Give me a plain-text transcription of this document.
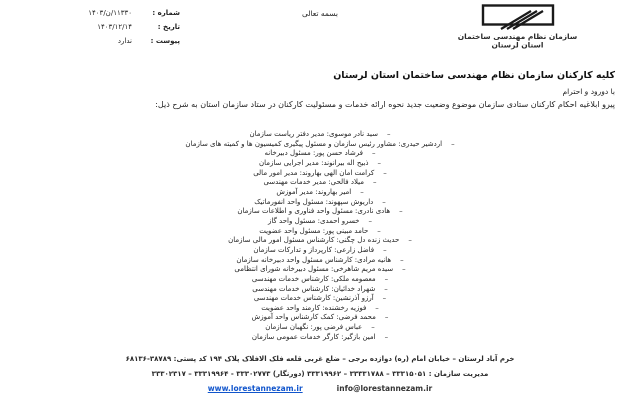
شماره :
۱۱۳۳۰/ن/۱۴۰۳
تاریخ :
۱۴۰۳/۱۲/۱۴
پیوست :
ندارد
بسمه تعالی
سازمان نظام مهندسی ساختمان استان لرستان
کلیه کارکنان سازمان نظام مهندسی ساختمان استان لرستان
با دورود و احترام
پیرو ابلاغیه احکام کارکنان ستادی سازمان موضوع وضعیت جدید نحوه ارائه خدمات و مسئولیت کارکنان در ستاد سازمان استان به شرح ذیل:
–
سید نادر موسوی: مدیر دفتر ریاست سازمان
–
اردشیر حیدری: مشاور رئیس سازمان و مسئول پیگیری کمیسیون ها و کمیته های سازمان
–
فرشاد حسن پور: مسئول دبیرخانه
–
ذبیح اله بیرانوند: مدیر اجرایی سازمان
–
کرامت امان الهی بهاروند: مدیر امور مالی
–
میلاد فالحی: مدیر خدمات مهندسی
–
امیر بهاروند: مدیر آموزش
–
داریوش سپهوند: مسئول واحد انفورماتیک
–
هادی نادری: مسئول واحد فناوری و اطلاعات سازمان
–
خسرو احمدی: مسئول واحد گاز
–
حامد مبینی پور: مسئول واحد عضویت
–
حدیث زنده دل چگنی: کارشناس مسئول امور مالی سازمان
–
فاضل زارعی: کارپرداز و تدارکات سازمان
–
هانیه مرادی: کارشناس مسئول واحد دبیرخانه سازمان
–
سیده مریم شاهرخی: مسئول دبیرخانه شورای انتظامی
–
معصومه ملکی: کارشناس خدمات مهندسی
–
شهراد خدائیان: کارشناس خدمات مهندسی
–
آرزو آذرنشین: کارشناس خدمات مهندسی
–
فوزیه رخشنده: کارمند واحد عضویت
–
محمد فرضی: کمک کارشناس واحد آموزش
–
عباس فرضی پور: نگهبان سازمان
–
امین بازگیر: کارگر خدمات عمومی سازمان
خرم آباد لرستان – خیابان امام (ره) دوازده برجی – ضلع غربی قلعه فلک الافلاک پلاک ۱۹۴ کد پستی: ۳۸۷۸۹-۶۸۱۳۶
مدیریت سازمان : ۳۳۳۱۵۰۵۱ – ۳۳۳۳۱۷۸۸ – ۳۳۳۱۹۹۶۲ (دورنگار) ۳۳۳۰۲۷۷۳ - ۳۳۳۱۹۹۶۴ – ۳۳۳۰۲۳۱۷
www.lorestannezam.ir	info@lorestannezam.ir
